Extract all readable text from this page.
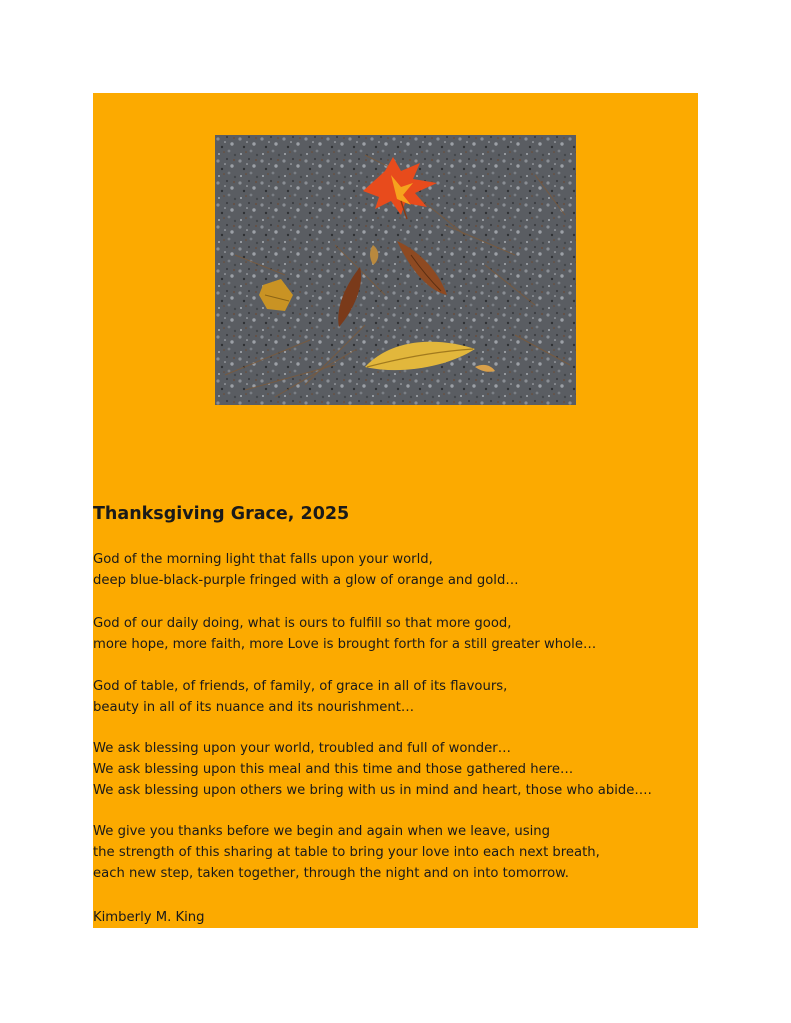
Thanksgiving Grace, 2025

God of the morning light that falls upon your world,
deep blue-black-purple fringed with a glow of orange and gold…

God of our daily doing, what is ours to fulfill so that more good,
more hope, more faith, more Love is brought forth for a still greater whole…

God of table, of friends, of family, of grace in all of its flavours,
beauty in all of its nuance and its nourishment…

We ask blessing upon your world, troubled and full of wonder…
We ask blessing upon this meal and this time and those gathered here…
We ask blessing upon others we bring with us in mind and heart, those who abide….

We give you thanks before we begin and again when we leave, using
the strength of this sharing at table to bring your love into each next breath,
each new step, taken together, through the night and on into tomorrow.

Kimberly M. King
